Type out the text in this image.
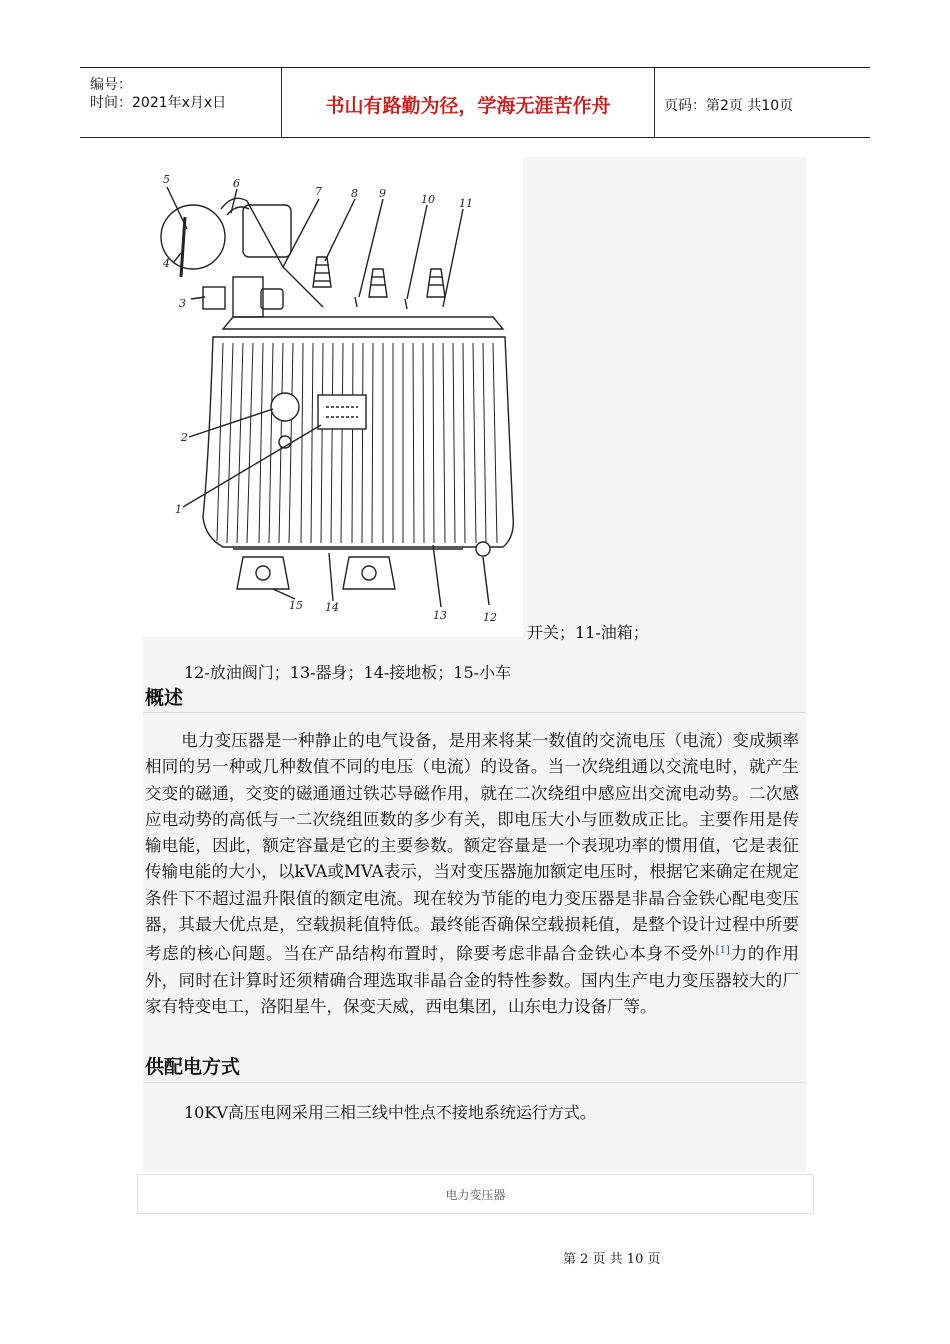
编号：
时间：2021年x月x日	书山有路勤为径，学海无涯苦作舟	页码：第2页 共10页
5	6
7	8 9	10 11
4
3
2
1
15 14
13	12
开关；11-油箱；
12-放油阀门；13-器身；14-接地板；15-小车
概述
电力变压器是一种静止的电气设备，是用来将某一数值的交流电压（电流）变成频率相同的另一种或几种数值不同的电压（电流）的设备。当一次绕组通以交流电时，就产生交变的磁通，交变的磁通通过铁芯导磁作用，就在二次绕组中感应出交流电动势。二次感应电动势的高低与一二次绕组匝数的多少有关，即电压大小与匝数成正比。主要作用是传输电能，因此，额定容量是它的主要参数。额定容量是一个表现功率的惯用值，它是表征传输电能的大小，以kVA或MVA表示，当对变压器施加额定电压时，根据它来确定在规定条件下不超过温升限值的额定电流。现在较为节能的电力变压器是非晶合金铁心配电变压器，其最大优点是，空载损耗值特低。最终能否确保空载损耗值，是整个设计过程中所要考虑的核心问题。当在产品结构布置时，除要考虑非晶合金铁心本身不受外[1]力的作用外，同时在计算时还须精确合理选取非晶合金的特性参数。国内生产电力变压器较大的厂家有特变电工，洛阳星牛，保变天威，西电集团，山东电力设备厂等。
供配电方式
10KV高压电网采用三相三线中性点不接地系统运行方式。
电力变压器
第 2 页 共 10 页
